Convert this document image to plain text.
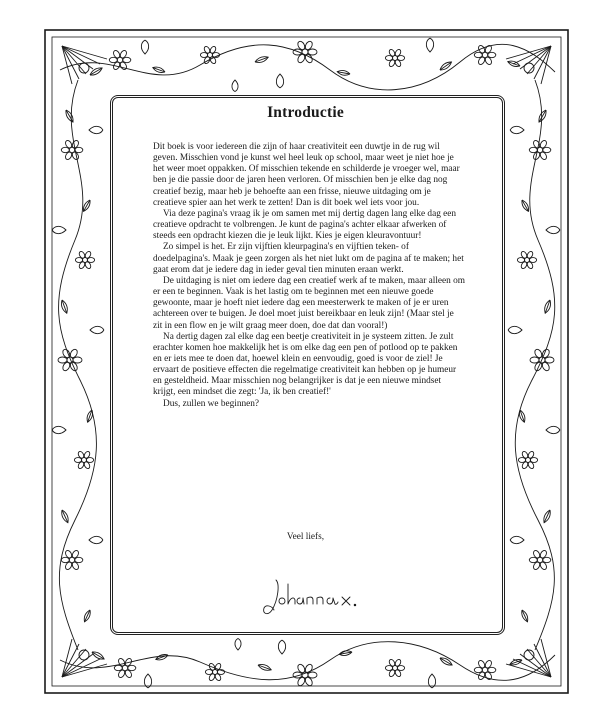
Introductie

Dit boek is voor iedereen die zijn of haar creativiteit een duwtje in de rug wil geven. Misschien vond je kunst wel heel leuk op school, maar weet je niet hoe je het weer moet oppakken. Of misschien tekende en schilderde je vroeger wel, maar ben je die passie door de jaren heen verloren. Of misschien ben je elke dag nog creatief bezig, maar heb je behoefte aan een frisse, nieuwe uitdaging om je creatieve spier aan het werk te zetten! Dan is dit boek wel iets voor jou.

Via deze pagina's vraag ik je om samen met mij dertig dagen lang elke dag een creatieve opdracht te volbrengen. Je kunt de pagina's achter elkaar afwerken of steeds een opdracht kiezen die je leuk lijkt. Kies je eigen kleuravontuur!

Zo simpel is het. Er zijn vijftien kleurpagina's en vijftien teken- of doedelpagina's. Maak je geen zorgen als het niet lukt om de pagina af te maken; het gaat erom dat je iedere dag in ieder geval tien minuten eraan werkt.

De uitdaging is niet om iedere dag een creatief werk af te maken, maar alleen om er een te beginnen. Vaak is het lastig om te beginnen met een nieuwe goede gewoonte, maar je hoeft niet iedere dag een meesterwerk te maken of je er uren achtereen over te buigen. Je doel moet juist bereikbaar en leuk zijn! (Maar stel je zit in een flow en je wilt graag meer doen, doe dat dan vooral!)

Na dertig dagen zal elke dag een beetje creativiteit in je systeem zitten. Je zult erachter komen hoe makkelijk het is om elke dag een pen of potlood op te pakken en er iets mee te doen dat, hoewel klein en eenvoudig, goed is voor de ziel! Je ervaart de positieve effecten die regelmatige creativiteit kan hebben op je humeur en gesteldheid. Maar misschien nog belangrijker is dat je een nieuwe mindset krijgt, een mindset die zegt: 'Ja, ik ben creatief!'

Dus, zullen we beginnen?

Veel liefs,
